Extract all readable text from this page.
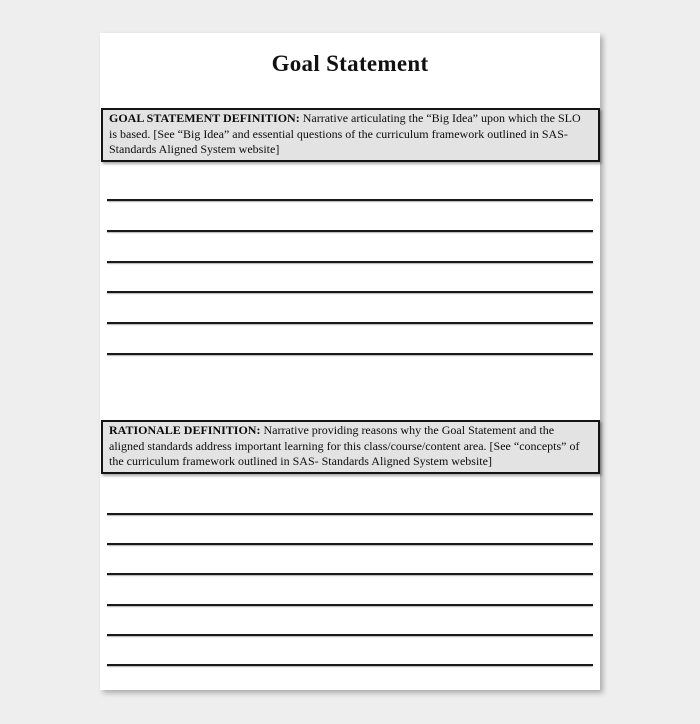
Goal Statement
GOAL STATEMENT DEFINITION: Narrative articulating the “Big Idea” upon which the SLO is based. [See “Big Idea” and essential questions of the curriculum framework outlined in SAS- Standards Aligned System website]
RATIONALE DEFINITION: Narrative providing reasons why the Goal Statement and the aligned standards address important learning for this class/course/content area. [See “concepts” of the curriculum framework outlined in SAS- Standards Aligned System website]
